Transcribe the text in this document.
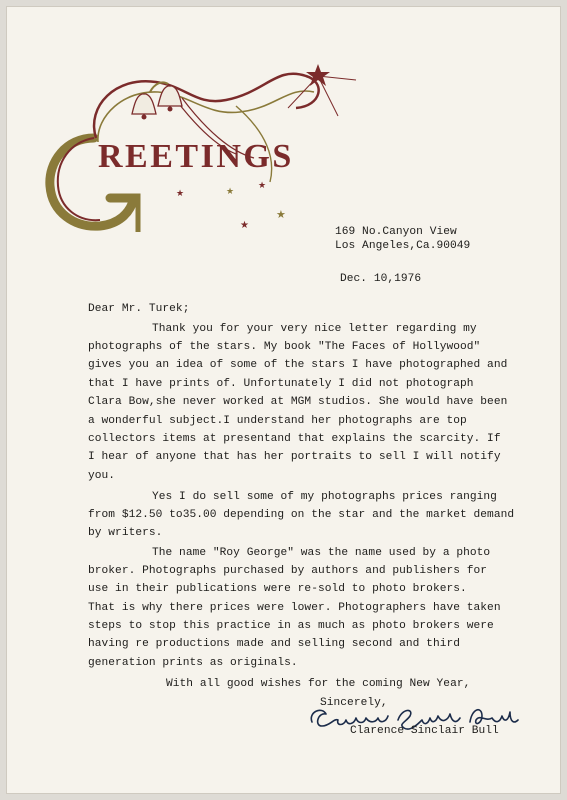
★	★
★
★
★
REETINGS
169 No.Canyon View
Los Angeles,Ca.90049
Dec. 10,1976
Dear Mr. Turek;
Thank you for your very nice letter regarding my
photographs of the stars. My book "The Faces of Hollywood"
gives you an idea of some of the stars I have photographed and
that I have prints of. Unfortunately I did not photograph
Clara Bow,she never worked at MGM studios. She would have been
a wonderful subject.I understand her photographs are top
collectors items at presentand that explains the scarcity. If
I hear of anyone that has her portraits to sell I will notify
you.
Yes I do sell some of my photographs prices ranging
from $12.50 to35.00 depending on the star and the market demand
by writers.
The name "Roy George" was the name used by a photo
broker. Photographs purchased by authors and publishers for
use in their publications were re-sold to photo brokers.
That is why there prices were lower. Photographers have taken
steps to stop this practice in as much as photo brokers were
having re productions made and selling second and third
generation prints as originals.
With all good wishes for the coming New Year,
Sincerely,
Clarence Sinclair Bull
